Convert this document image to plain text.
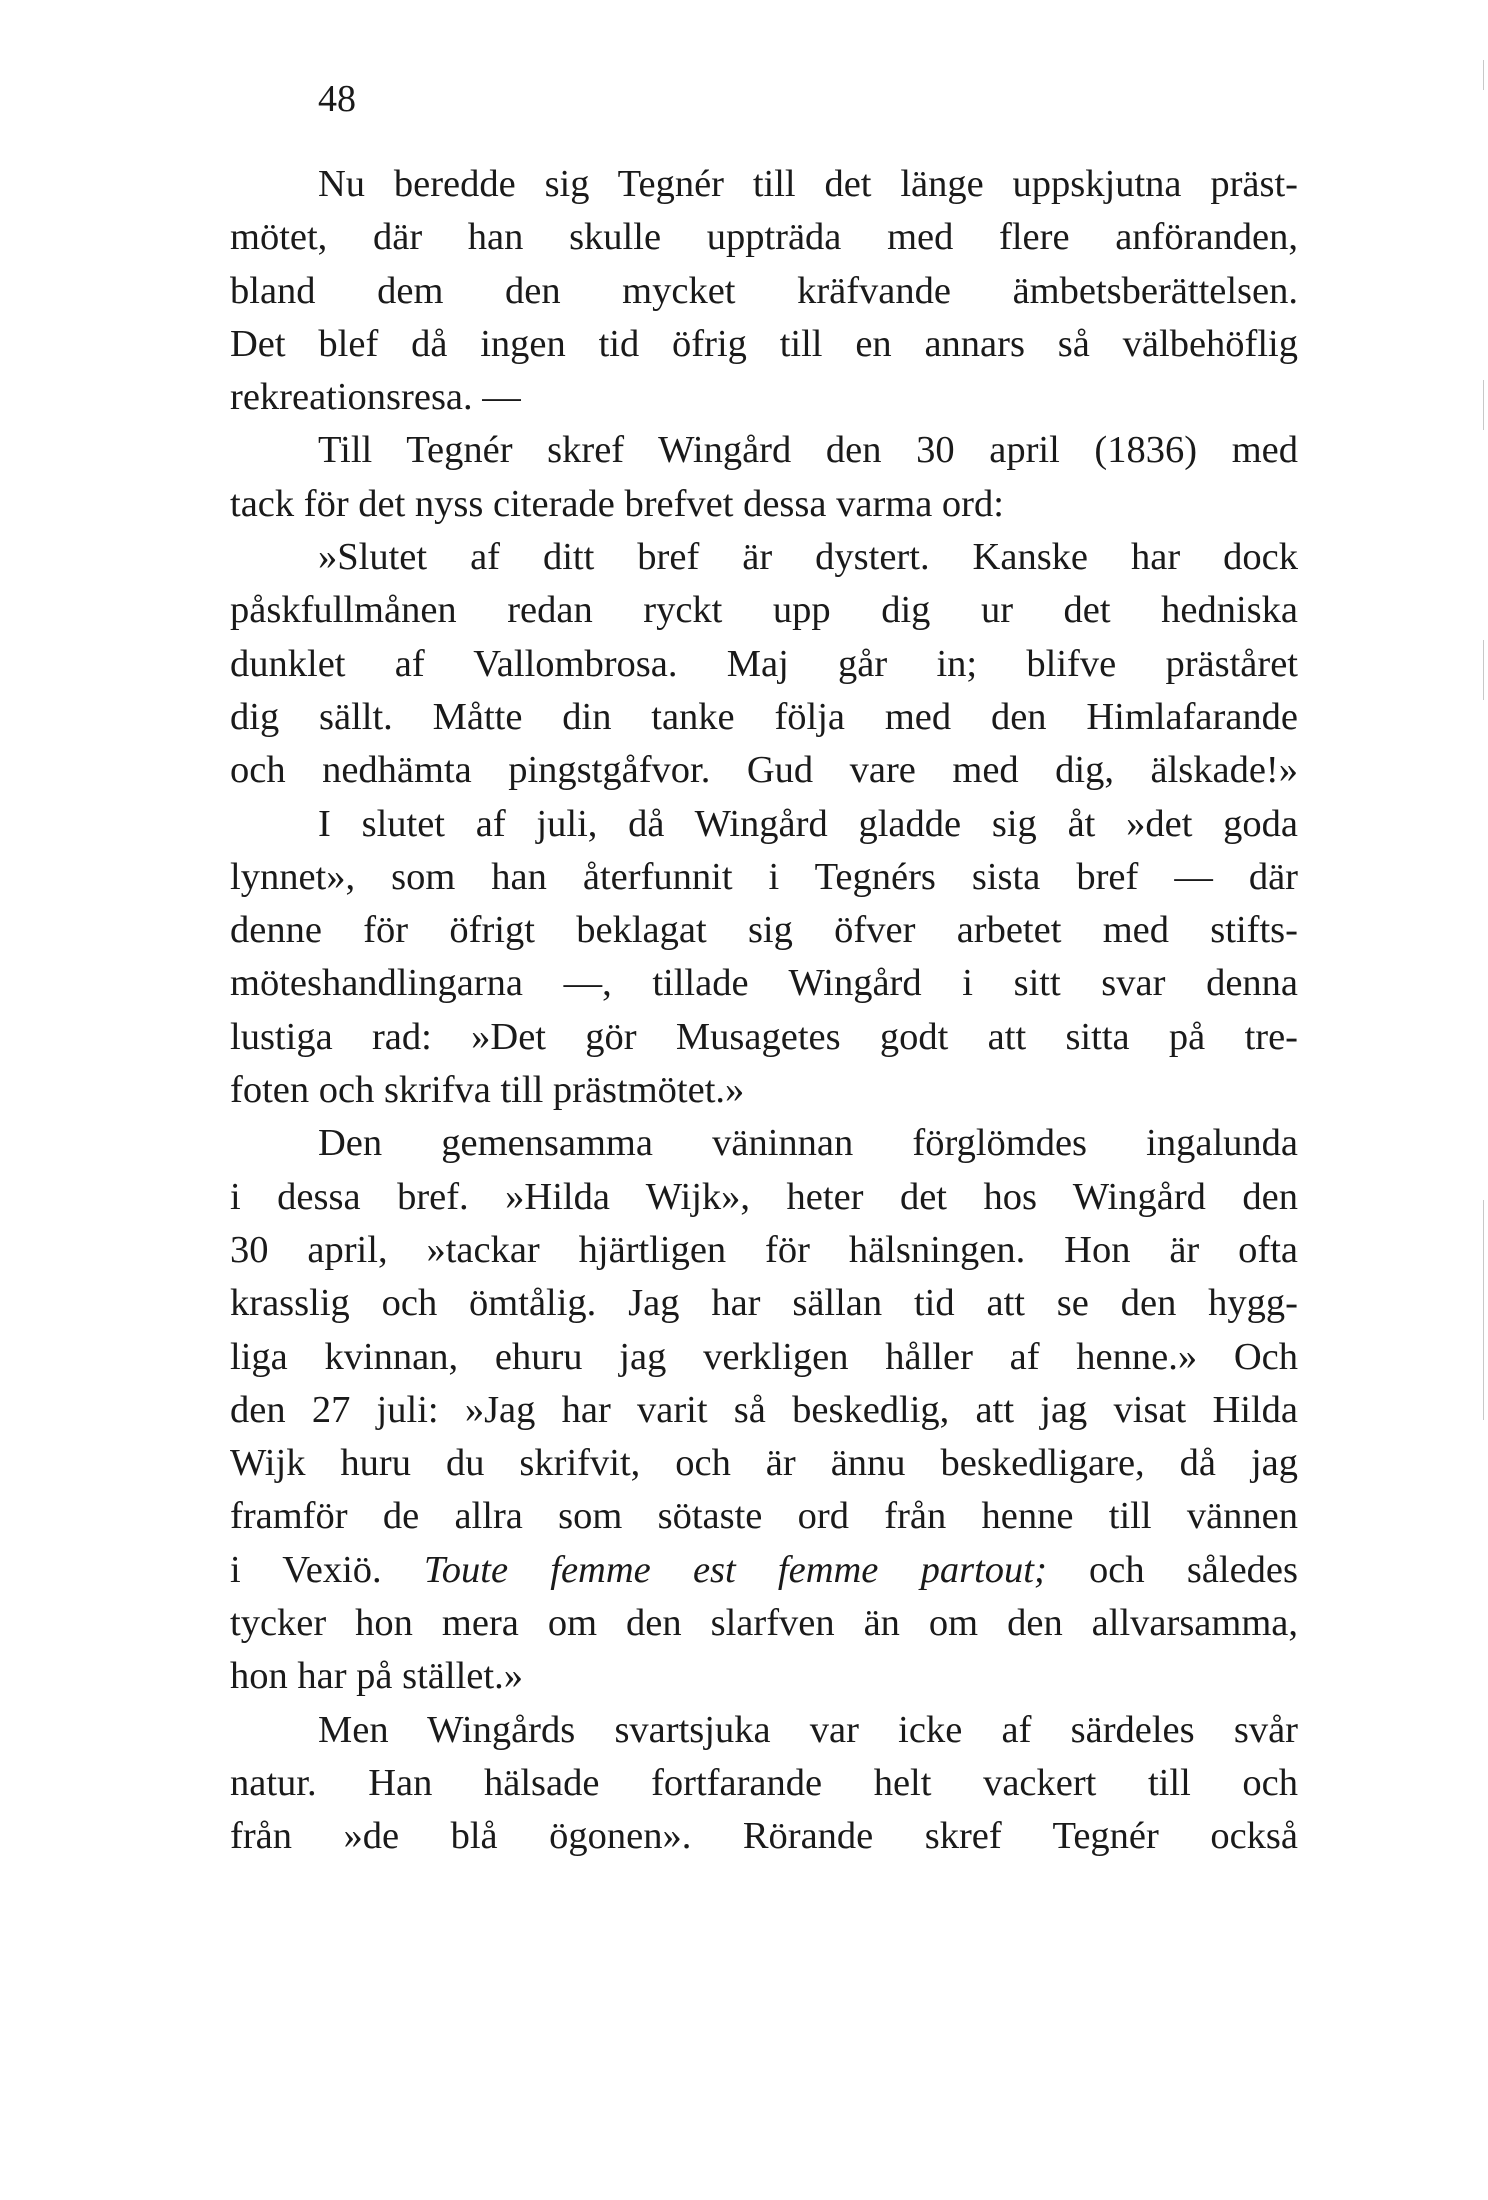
48
Nu beredde sig Tegnér till det länge uppskjutna präst-
mötet, där han skulle uppträda med flere anföranden,
bland dem den mycket kräfvande ämbetsberättelsen.
Det blef då ingen tid öfrig till en annars så välbehöflig
rekreationsresa. —
Till Tegnér skref Wingård den 30 april (1836) med
tack för det nyss citerade brefvet dessa varma ord:
»Slutet af ditt bref är dystert. Kanske har dock
påskfullmånen redan ryckt upp dig ur det hedniska
dunklet af Vallombrosa. Maj går in; blifve präståret
dig sällt. Måtte din tanke följa med den Himlafarande
och nedhämta pingstgåfvor. Gud vare med dig, älskade!»
I slutet af juli, då Wingård gladde sig åt »det goda
lynnet», som han återfunnit i Tegnérs sista bref — där
denne för öfrigt beklagat sig öfver arbetet med stifts-
möteshandlingarna —, tillade Wingård i sitt svar denna
lustiga rad: »Det gör Musagetes godt att sitta på tre-
foten och skrifva till prästmötet.»
Den gemensamma väninnan förglömdes ingalunda
i dessa bref. »Hilda Wijk», heter det hos Wingård den
30 april, »tackar hjärtligen för hälsningen. Hon är ofta
krasslig och ömtålig. Jag har sällan tid att se den hygg-
liga kvinnan, ehuru jag verkligen håller af henne.» Och
den 27 juli: »Jag har varit så beskedlig, att jag visat Hilda
Wijk huru du skrifvit, och är ännu beskedligare, då jag
framför de allra som sötaste ord från henne till vännen
i Vexiö. Toute femme est femme partout; och således
tycker hon mera om den slarfven än om den allvarsamma,
hon har på stället.»
Men Wingårds svartsjuka var icke af särdeles svår
natur. Han hälsade fortfarande helt vackert till och
från »de blå ögonen». Rörande skref Tegnér också
